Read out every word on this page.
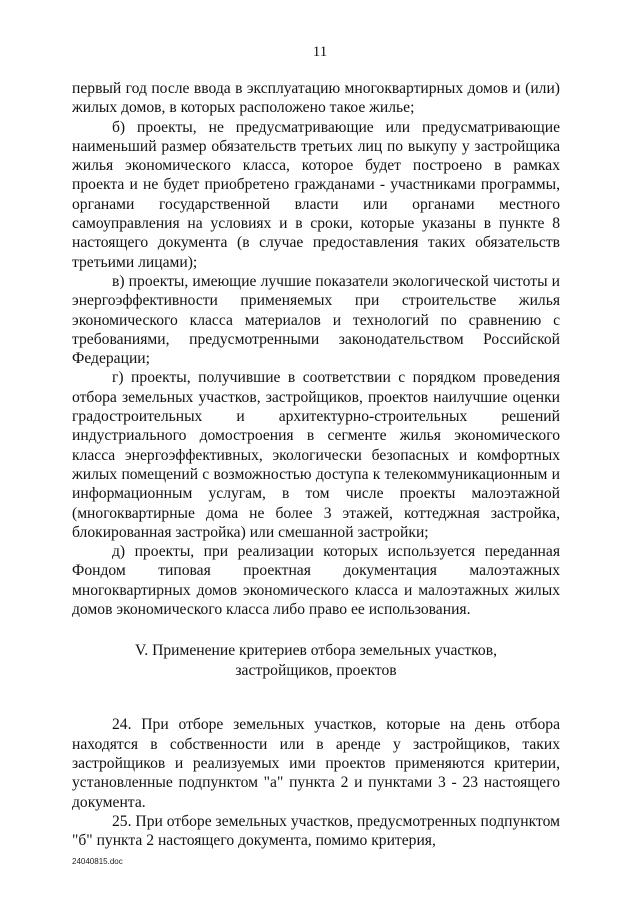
11

первый год после ввода в эксплуатацию многоквартирных домов и (или) жилых домов, в которых расположено такое жилье;

б) проекты, не предусматривающие или предусматривающие наименьший размер обязательств третьих лиц по выкупу у застройщика жилья экономического класса, которое будет построено в рамках проекта и не будет приобретено гражданами - участниками программы, органами государственной власти или органами местного самоуправления на условиях и в сроки, которые указаны в пункте 8 настоящего документа (в случае предоставления таких обязательств третьими лицами);

в) проекты, имеющие лучшие показатели экологической чистоты и энергоэффективности применяемых при строительстве жилья экономического класса материалов и технологий по сравнению с требованиями, предусмотренными законодательством Российской Федерации;

г) проекты, получившие в соответствии с порядком проведения отбора земельных участков, застройщиков, проектов наилучшие оценки градостроительных и архитектурно-строительных решений индустриального домостроения в сегменте жилья экономического класса энергоэффективных, экологически безопасных и комфортных жилых помещений с возможностью доступа к телекоммуникационным и информационным услугам, в том числе проекты малоэтажной (многоквартирные дома не более 3 этажей, коттеджная застройка, блокированная застройка) или смешанной застройки;

д) проекты, при реализации которых используется переданная Фондом типовая проектная документация малоэтажных многоквартирных домов экономического класса и малоэтажных жилых домов экономического класса либо право ее использования.

V. Применение критериев отбора земельных участков,
застройщиков, проектов

24. При отборе земельных участков, которые на день отбора находятся в собственности или в аренде у застройщиков, таких застройщиков и реализуемых ими проектов применяются критерии, установленные подпунктом "а" пункта 2 и пунктами 3 - 23 настоящего документа.

25. При отборе земельных участков, предусмотренных подпунктом "б" пункта 2 настоящего документа, помимо критерия,

24040815.doc
